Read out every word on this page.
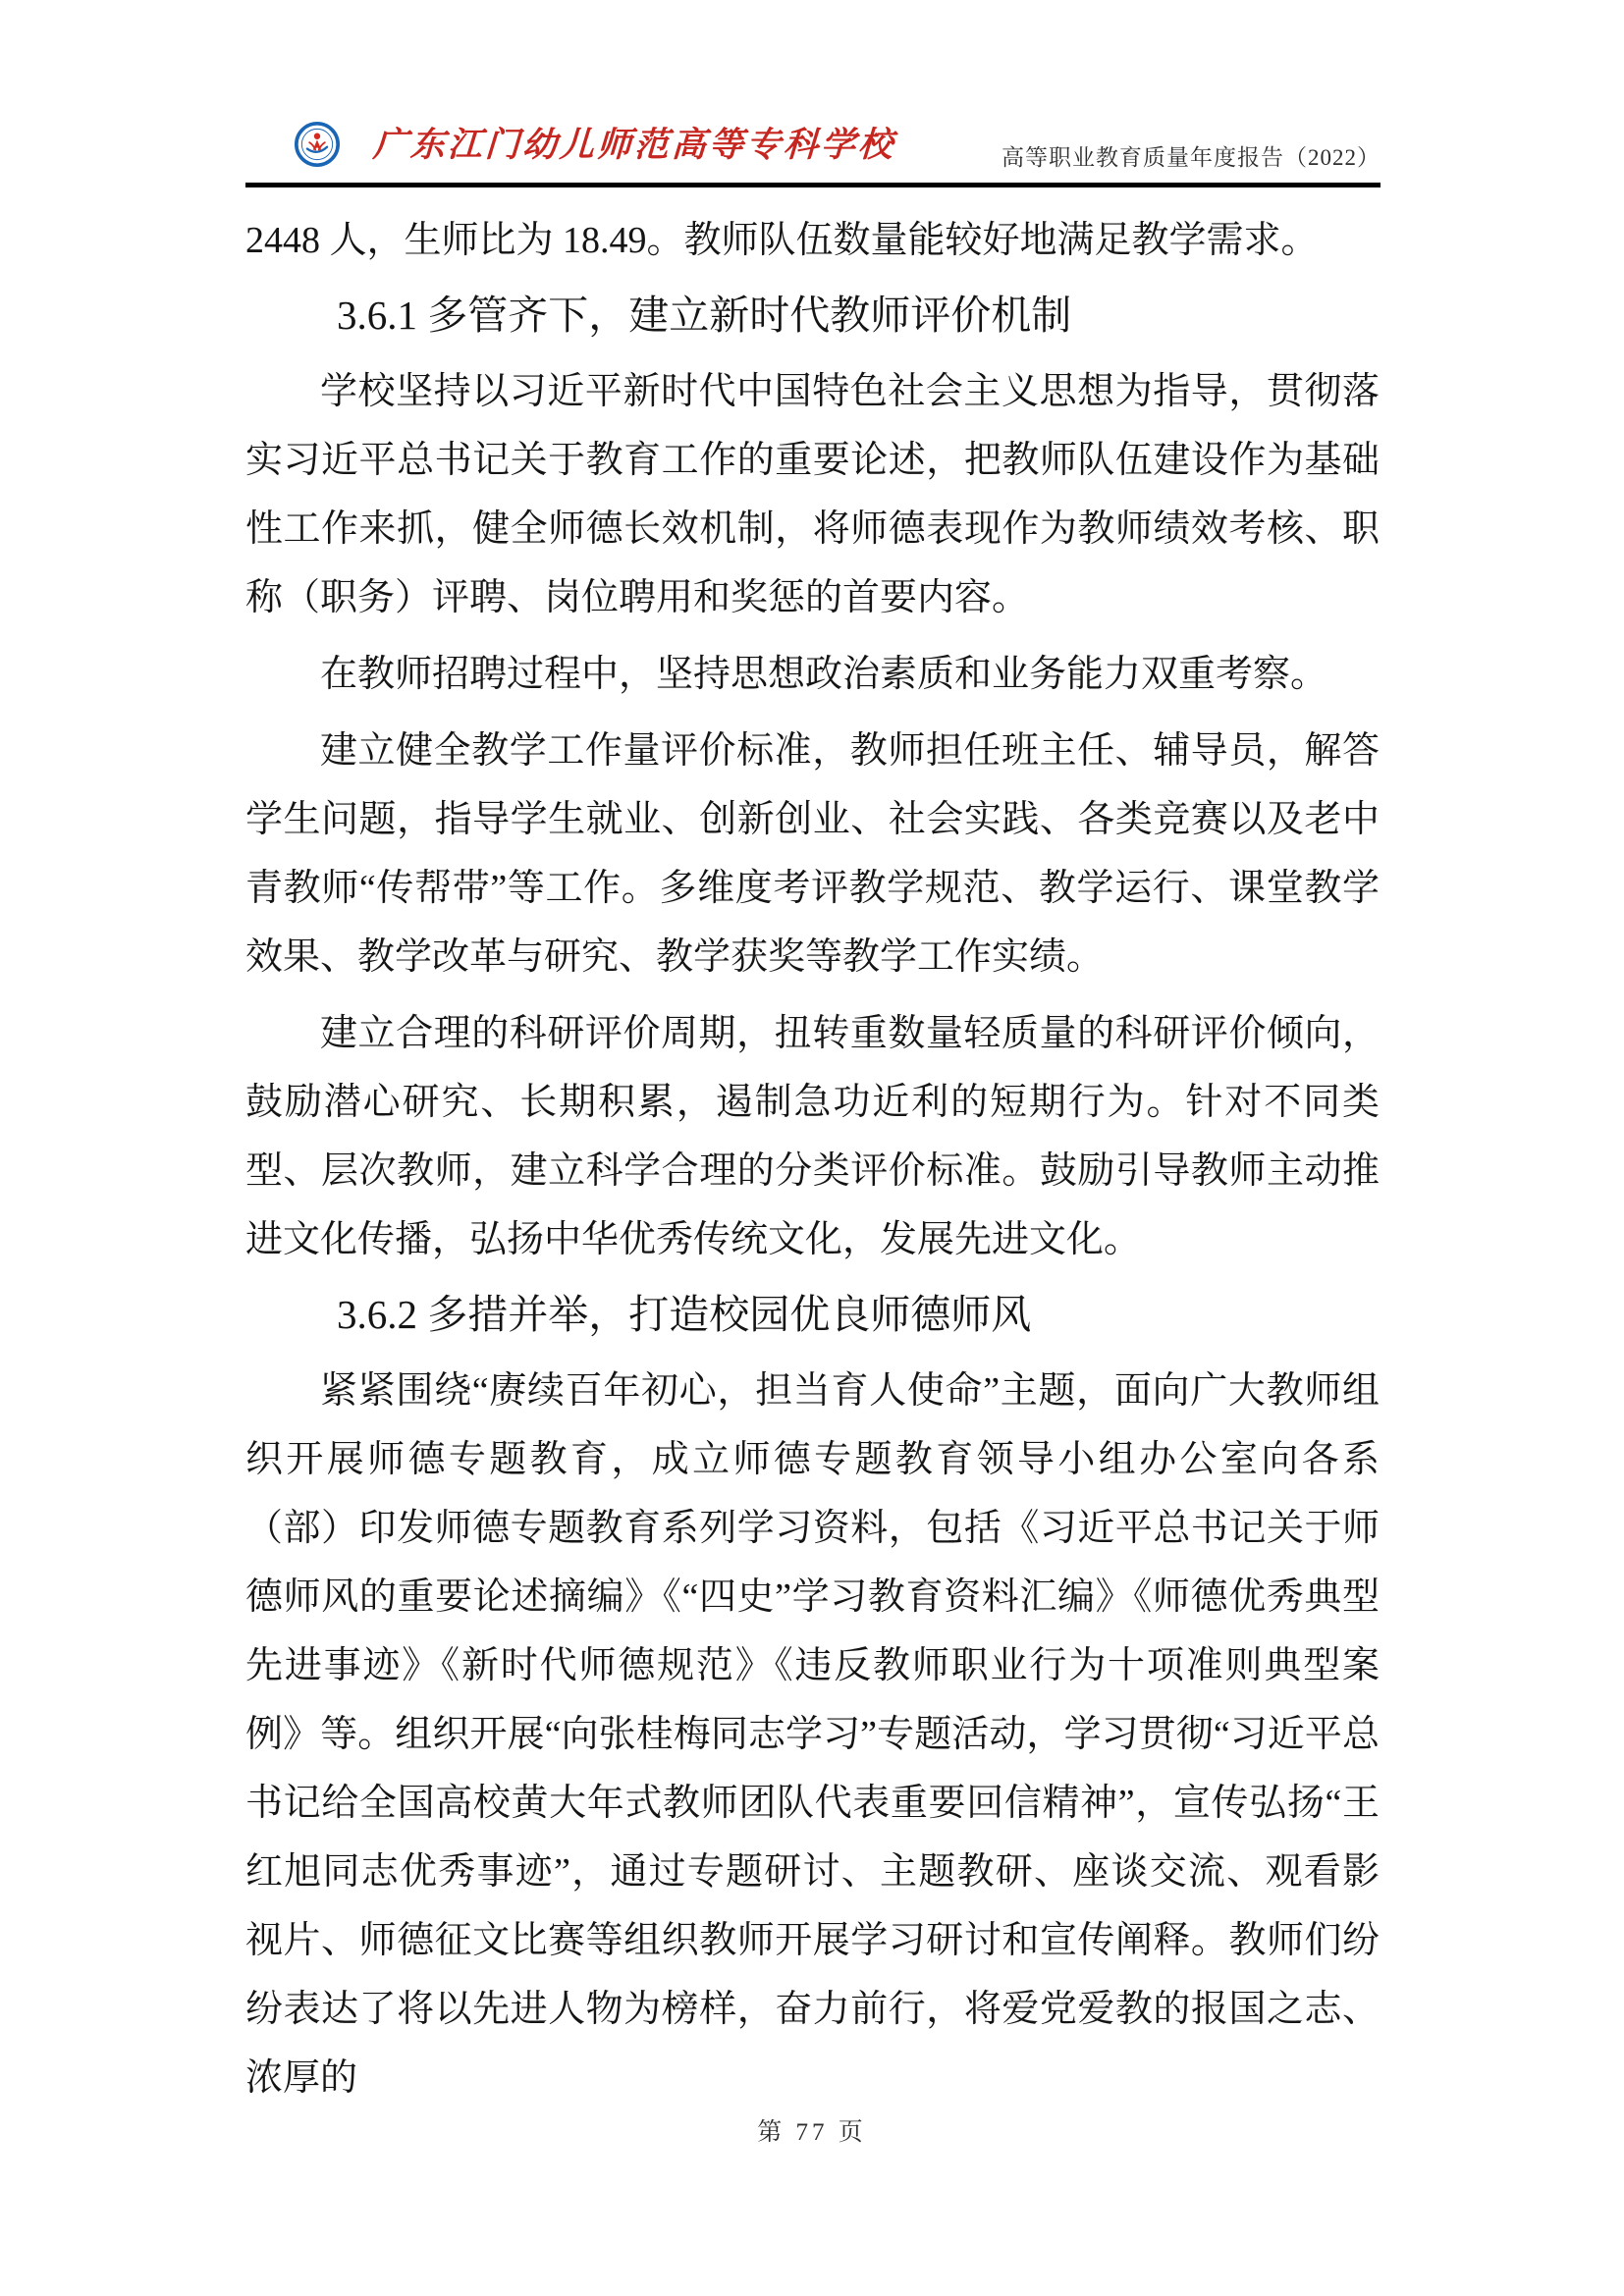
广东江门幼儿师范高等专科学校	高等职业教育质量年度报告（2022）

2448 人，生师比为 18.49。教师队伍数量能较好地满足教学需求。

3.6.1 多管齐下，建立新时代教师评价机制

学校坚持以习近平新时代中国特色社会主义思想为指导，贯彻落实习近平总书记关于教育工作的重要论述，把教师队伍建设作为基础性工作来抓，健全师德长效机制，将师德表现作为教师绩效考核、职称（职务）评聘、岗位聘用和奖惩的首要内容。

在教师招聘过程中，坚持思想政治素质和业务能力双重考察。

建立健全教学工作量评价标准，教师担任班主任、辅导员，解答学生问题，指导学生就业、创新创业、社会实践、各类竞赛以及老中青教师“传帮带”等工作。多维度考评教学规范、教学运行、课堂教学效果、教学改革与研究、教学获奖等教学工作实绩。

建立合理的科研评价周期，扭转重数量轻质量的科研评价倾向，鼓励潜心研究、长期积累，遏制急功近利的短期行为。针对不同类型、层次教师，建立科学合理的分类评价标准。鼓励引导教师主动推进文化传播，弘扬中华优秀传统文化，发展先进文化。

3.6.2 多措并举，打造校园优良师德师风

紧紧围绕“赓续百年初心，担当育人使命”主题，面向广大教师组织开展师德专题教育，成立师德专题教育领导小组办公室向各系（部）印发师德专题教育系列学习资料，包括《习近平总书记关于师德师风的重要论述摘编》《“四史”学习教育资料汇编》《师德优秀典型先进事迹》《新时代师德规范》《违反教师职业行为十项准则典型案例》等。组织开展“向张桂梅同志学习”专题活动，学习贯彻“习近平总书记给全国高校黄大年式教师团队代表重要回信精神”，宣传弘扬“王红旭同志优秀事迹”，通过专题研讨、主题教研、座谈交流、观看影视片、师德征文比赛等组织教师开展学习研讨和宣传阐释。教师们纷纷表达了将以先进人物为榜样，奋力前行，将爱党爱教的报国之志、浓厚的

第 77 页
